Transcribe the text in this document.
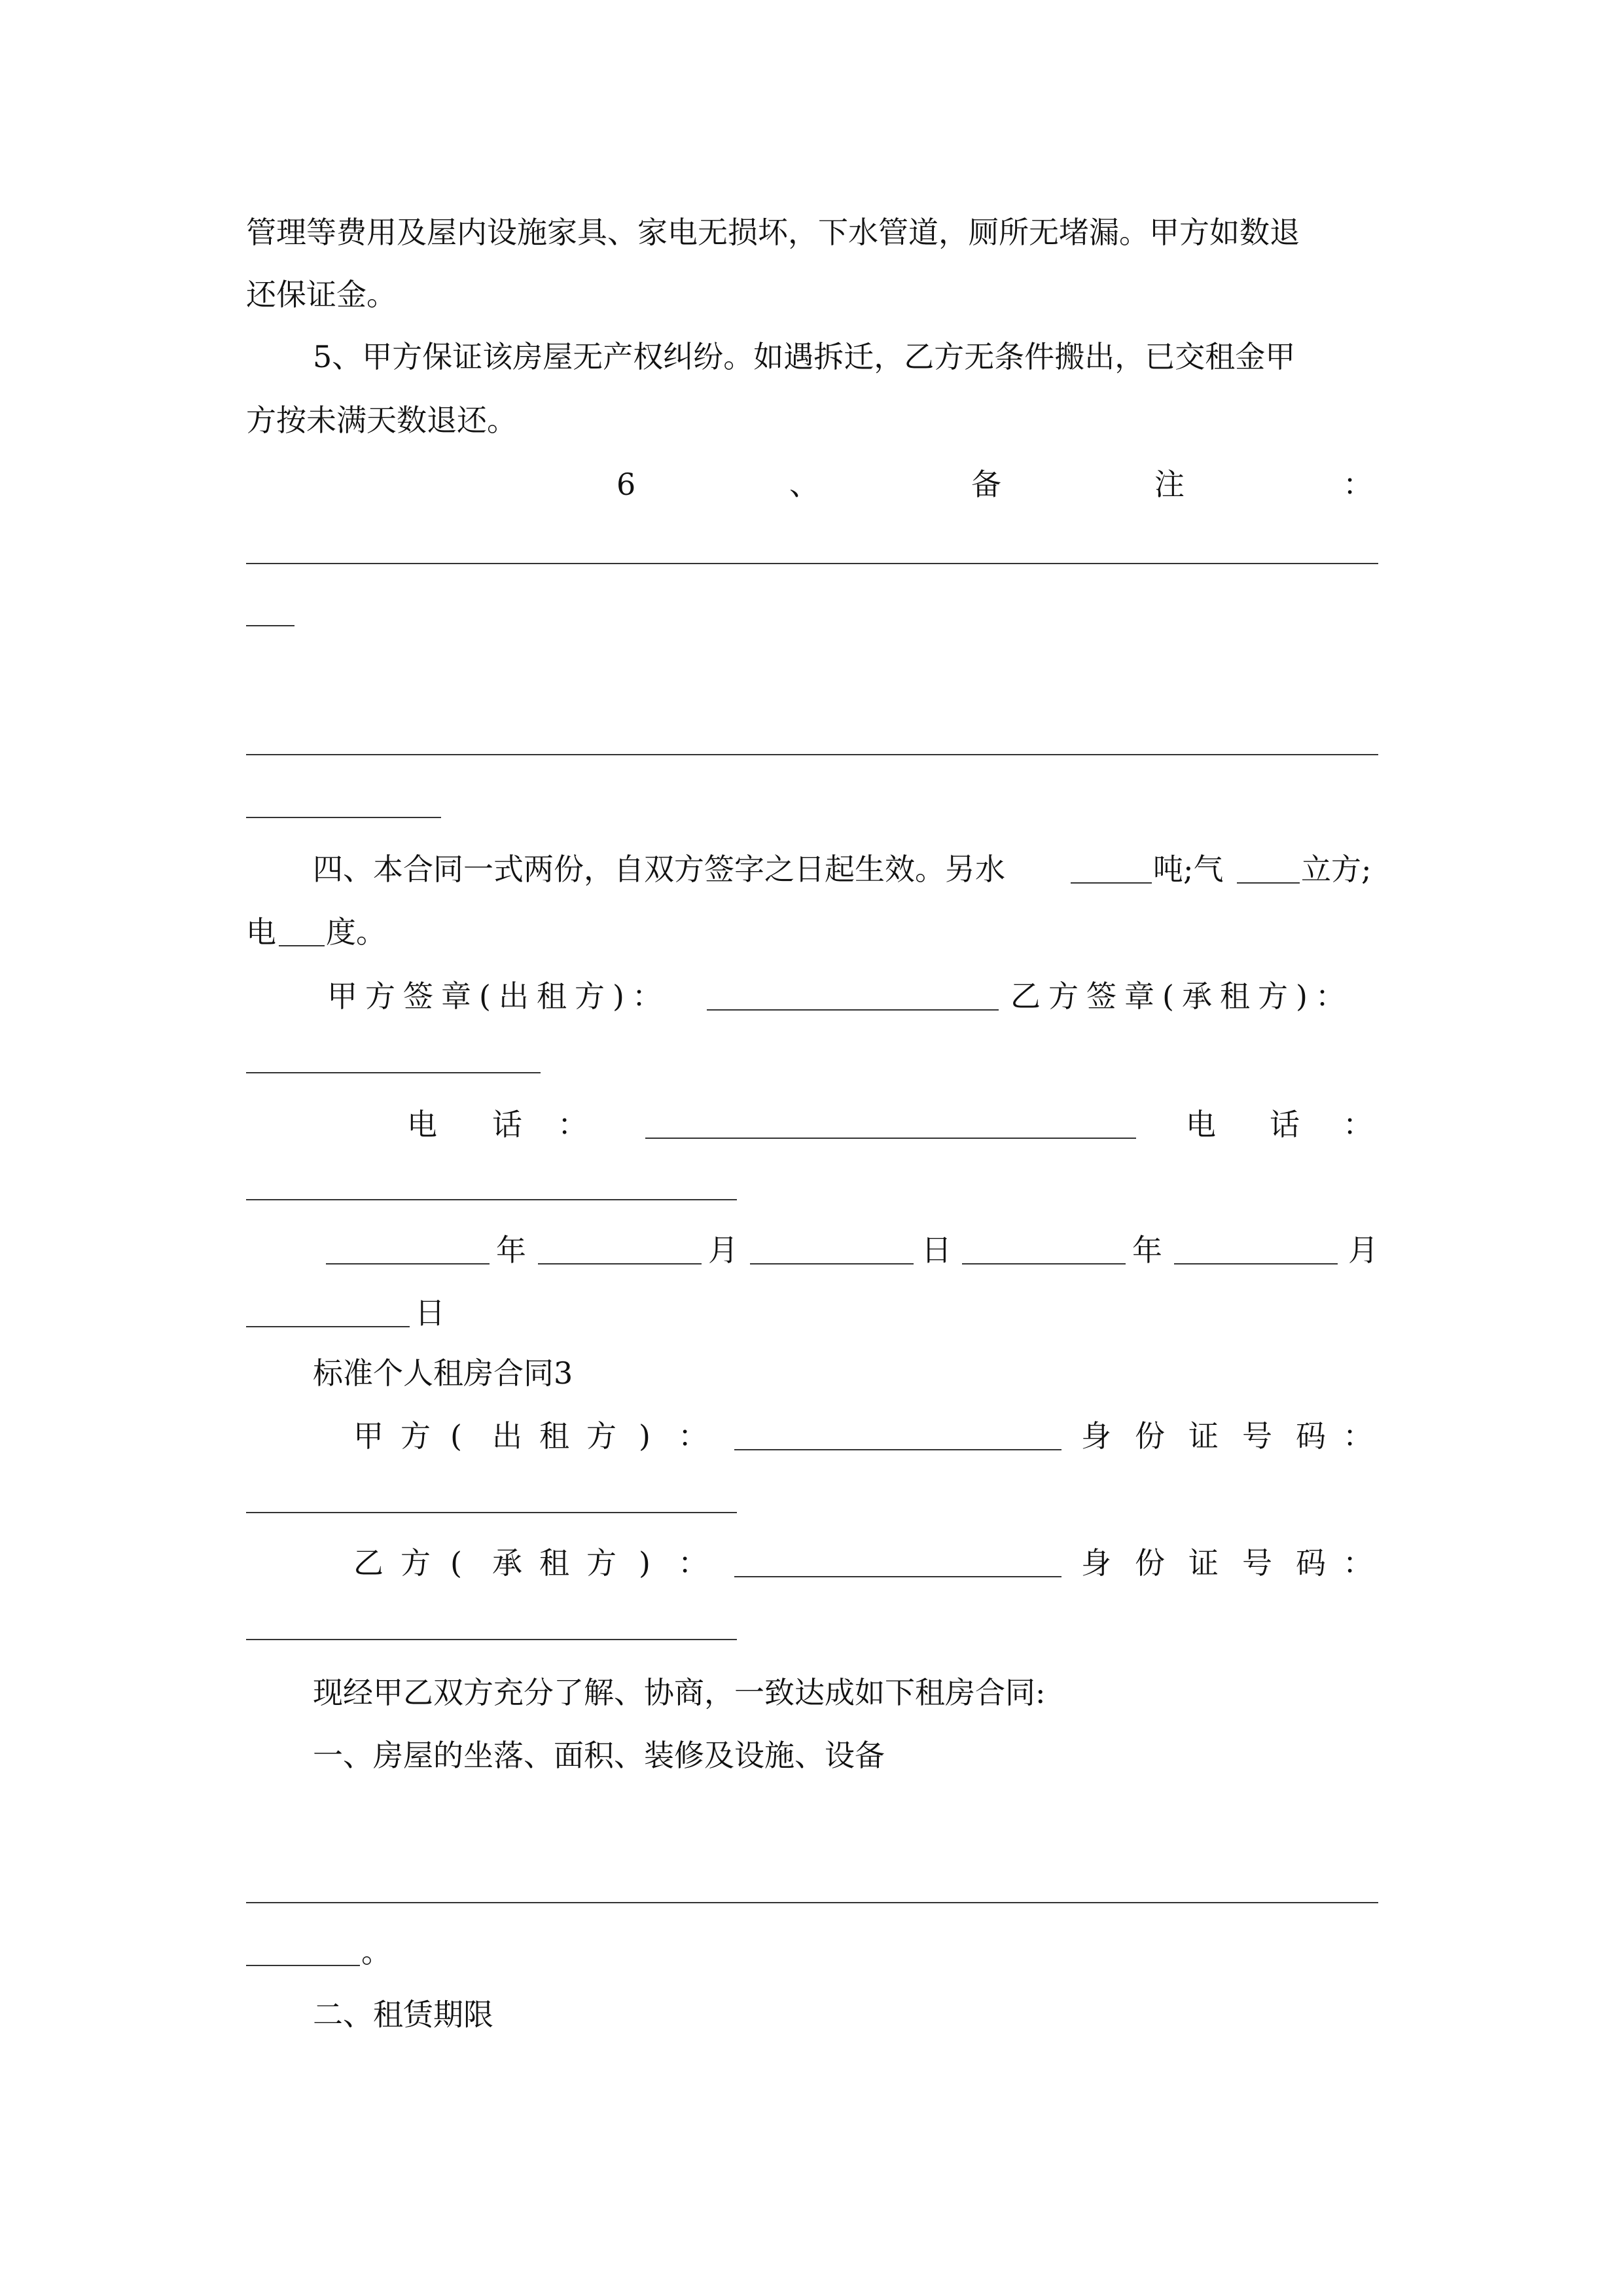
管理等费用及屋内设施家具、家电无损坏，下水管道，厕所无堵漏。甲方如数退
还保证金。
5、甲方保证该房屋无产权纠纷。如遇拆迁，乙方无条件搬出，已交租金甲
方按未满天数退还。
6	、	备	注	：
四、本合同一式两份，自双方签字之日起生效。另水	吨;气	立方;
电 度。
甲方签章(出租方)：	乙方签章(承租方)：
电 话 ：	电 话 ：
年	月	日	年	月
日
标准个人租房合同3
甲 方 ( 出 租 方 ) ：	身 份 证 号 码 ：
乙 方 ( 承 租 方 ) ：	身 份 证 号 码 ：
现经甲乙双方充分了解、协商，一致达成如下租房合同:
一、房屋的坐落、面积、装修及设施、设备
。
二、租赁期限
